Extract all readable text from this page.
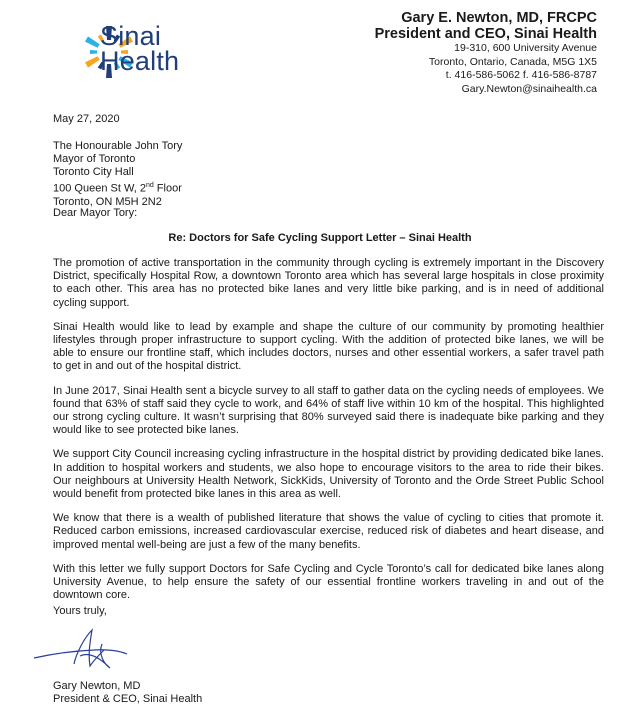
Sinai
Health
Gary E. Newton, MD, FRCPC
President and CEO, Sinai Health
19-310, 600 University Avenue
Toronto, Ontario, Canada, M5G 1X5
t. 416-586-5062 f. 416-586-8787
Gary.Newton@sinaihealth.ca
May 27, 2020
The Honourable John Tory
Mayor of Toronto
Toronto City Hall
100 Queen St W, 2nd Floor
Toronto, ON M5H 2N2
Dear Mayor Tory:
Re: Doctors for Safe Cycling Support Letter – Sinai Health

The promotion of active transportation in the community through cycling is extremely important in the Discovery District, specifically Hospital Row, a downtown Toronto area which has several large hospitals in close proximity to each other. This area has no protected bike lanes and very little bike parking, and is in need of additional cycling support.

Sinai Health would like to lead by example and shape the culture of our community by promoting healthier lifestyles through proper infrastructure to support cycling. With the addition of protected bike lanes, we will be able to ensure our frontline staff, which includes doctors, nurses and other essential workers, a safer travel path to get in and out of the hospital district.

In June 2017, Sinai Health sent a bicycle survey to all staff to gather data on the cycling needs of employees. We found that 63% of staff said they cycle to work, and 64% of staff live within 10 km of the hospital. This highlighted our strong cycling culture. It wasn’t surprising that 80% surveyed said there is inadequate bike parking and they would like to see protected bike lanes.

We support City Council increasing cycling infrastructure in the hospital district by providing dedicated bike lanes. In addition to hospital workers and students, we also hope to encourage visitors to the area to ride their bikes. Our neighbours at University Health Network, SickKids, University of Toronto and the Orde Street Public School would benefit from protected bike lanes in this area as well.

We know that there is a wealth of published literature that shows the value of cycling to cities that promote it. Reduced carbon emissions, increased cardiovascular exercise, reduced risk of diabetes and heart disease, and improved mental well-being are just a few of the many benefits.

With this letter we fully support Doctors for Safe Cycling and Cycle Toronto’s call for dedicated bike lanes along University Avenue, to help ensure the safety of our essential frontline workers traveling in and out of the downtown core.

Yours truly,
Gary Newton, MD
President & CEO, Sinai Health
